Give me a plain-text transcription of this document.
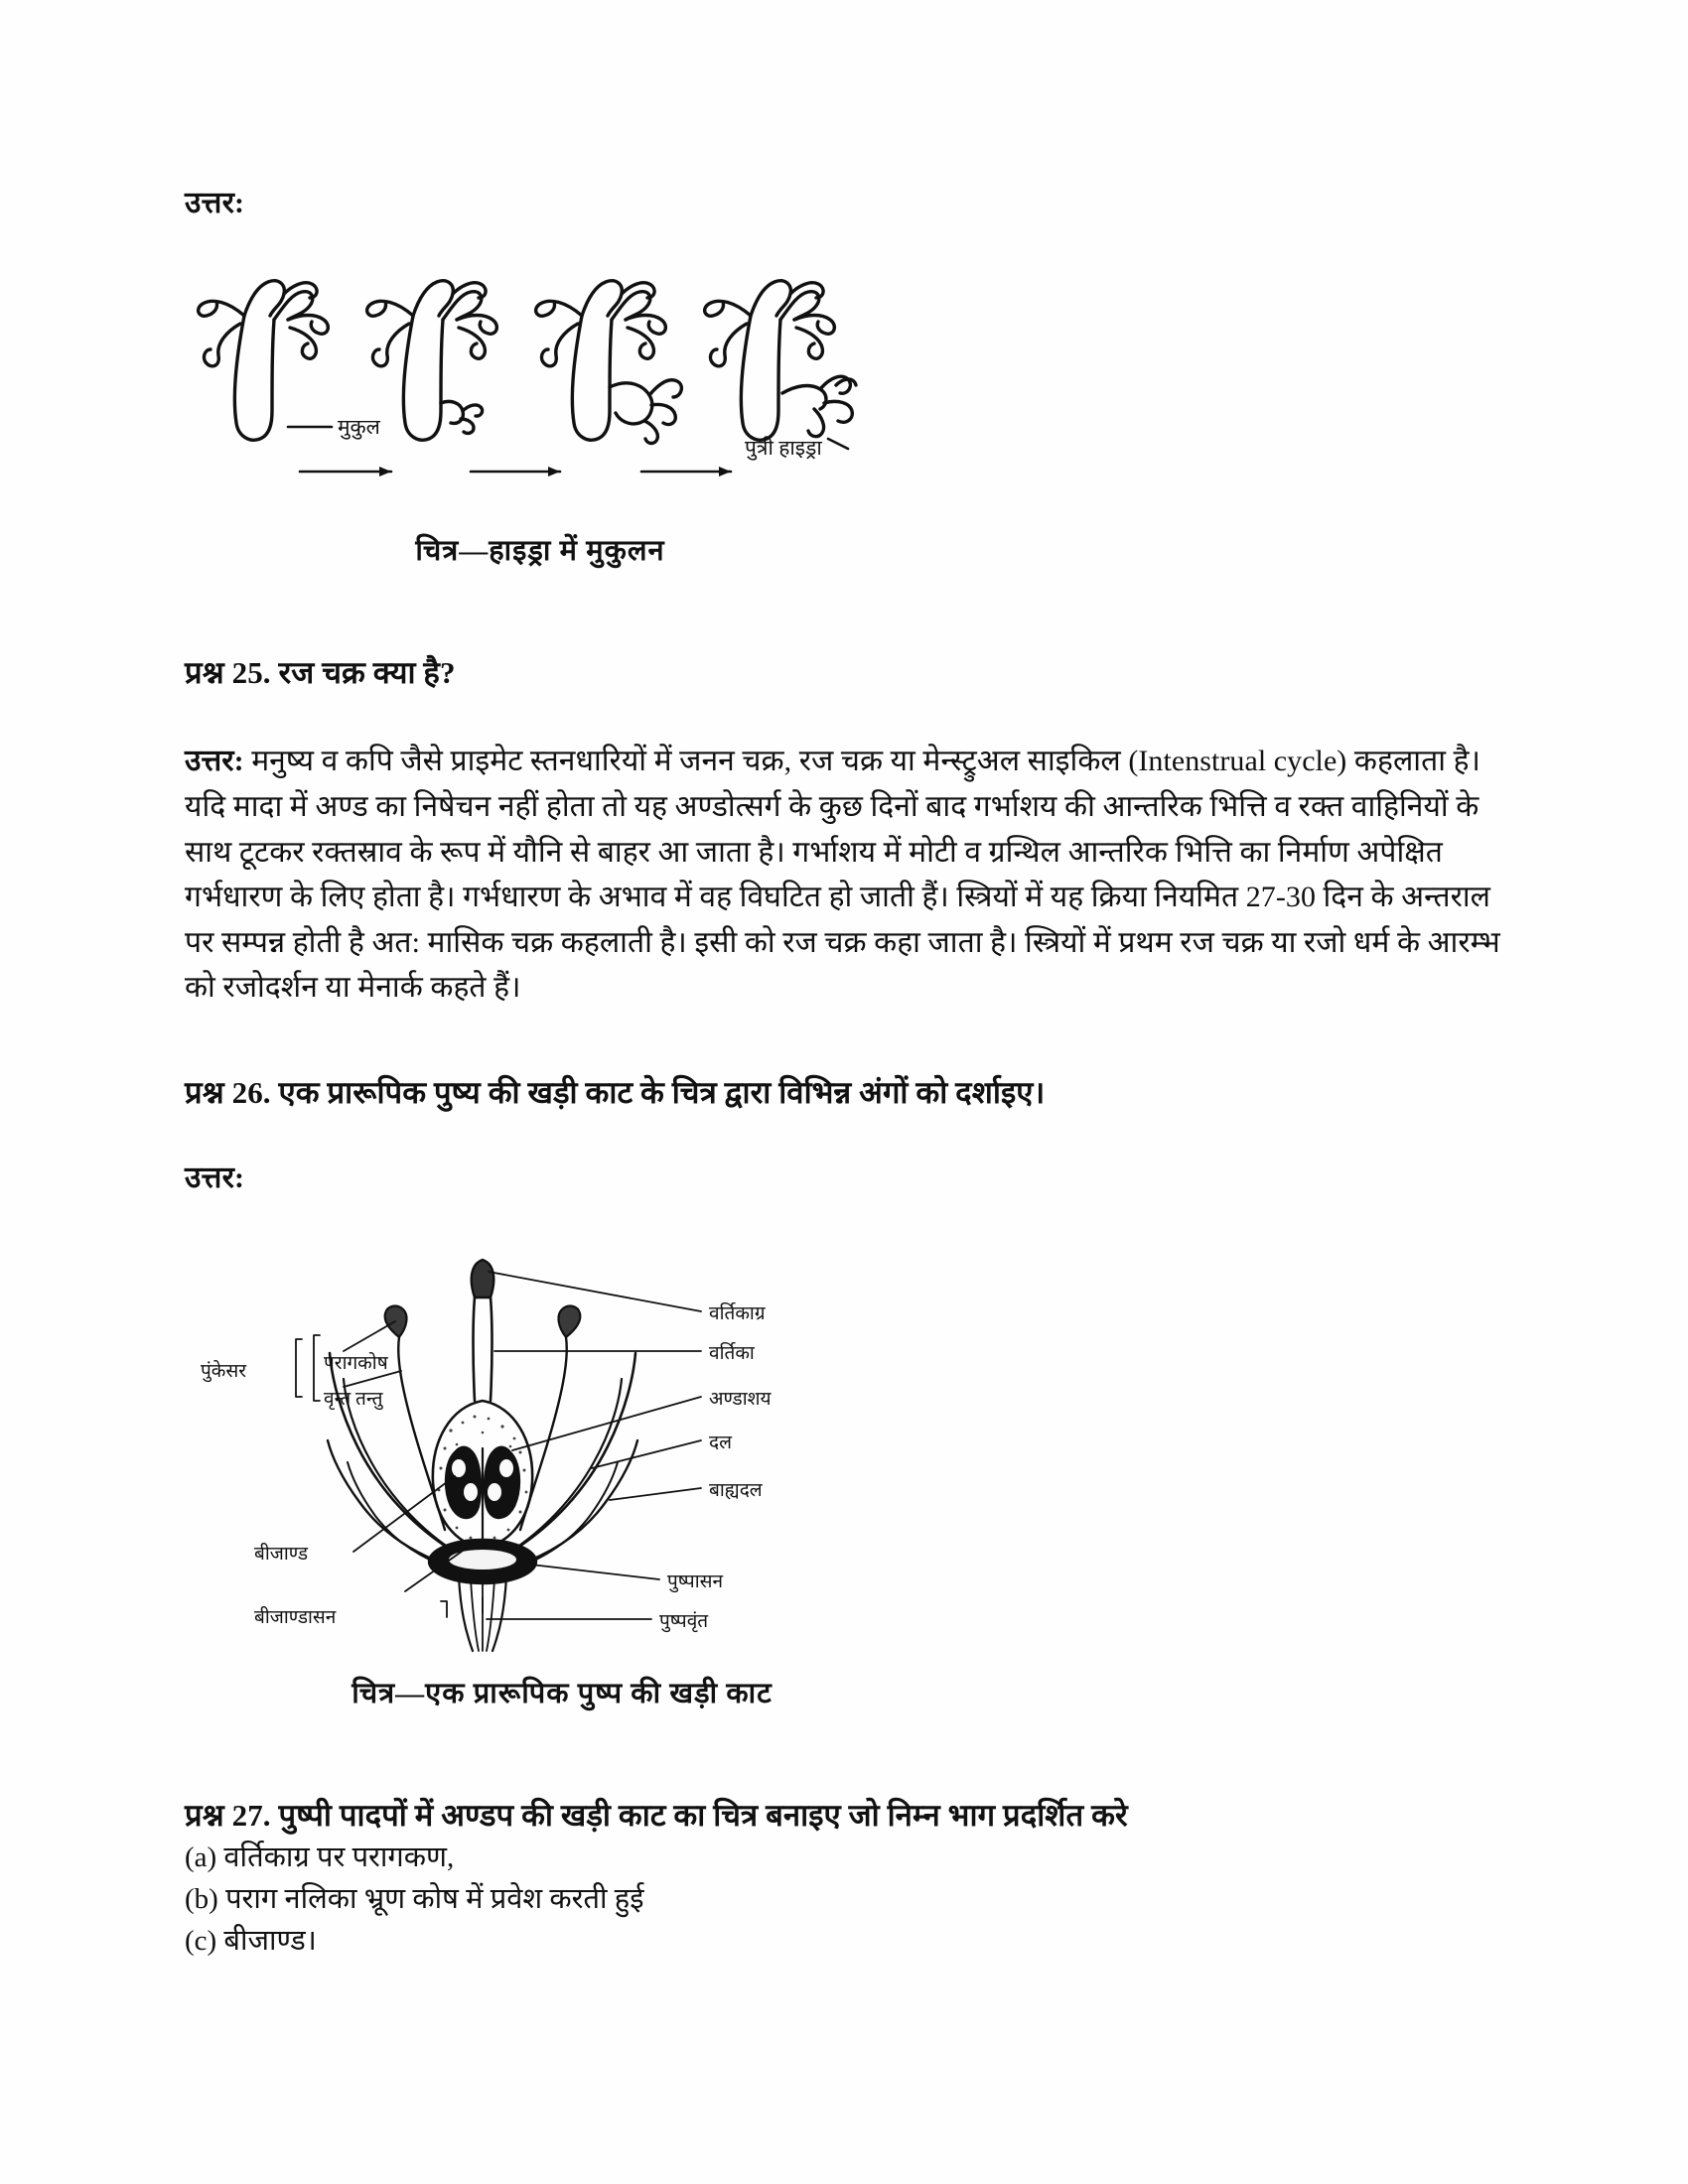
उत्तर:
मुकुल
पुत्री हाइड्रा
चित्र—हाइड्रा में मुकुलन
प्रश्न 25. रज चक्र क्या है?

उत्तर: मनुष्य व कपि जैसे प्राइमेट स्तनधारियों में जनन चक्र, रज चक्र या मेन्स्ट्रुअल साइकिल (Intenstrual cycle) कहलाता है। यदि मादा में अण्ड का निषेचन नहीं होता तो यह अण्डोत्सर्ग के कुछ दिनों बाद गर्भाशय की आन्तरिक भित्ति व रक्त वाहिनियों के साथ टूटकर रक्तस्राव के रूप में यौनि से बाहर आ जाता है। गर्भाशय में मोटी व ग्रन्थिल आन्तरिक भित्ति का निर्माण अपेक्षित गर्भधारण के लिए होता है। गर्भधारण के अभाव में वह विघटित हो जाती हैं। स्त्रियों में यह क्रिया नियमित 27-30 दिन के अन्तराल पर सम्पन्न होती है अत: मासिक चक्र कहलाती है। इसी को रज चक्र कहा जाता है। स्त्रियों में प्रथम रज चक्र या रजो धर्म के आरम्भ को रजोदर्शन या मेनार्क कहते हैं।

प्रश्न 26. एक प्रारूपिक पुष्य की खड़ी काट के चित्र द्वारा विभिन्न अंगों को दर्शाइए।
उत्तर:
पुंकेसर	परागकोष
वृन्त तन्तु
बीजाण्ड
बीजाण्डासन
वर्तिकाग्र
वर्तिका
अण्डाशय
दल
बाह्यदल
पुष्पासन
पुष्पवृंत
चित्र—एक प्रारूपिक पुष्प की खड़ी काट
प्रश्न 27. पुष्पी पादपों में अण्डप की खड़ी काट का चित्र बनाइए जो निम्न भाग प्रदर्शित करे
(a) वर्तिकाग्र पर परागकण,
(b) पराग नलिका भ्रूण कोष में प्रवेश करती हुई
(c) बीजाण्ड।
